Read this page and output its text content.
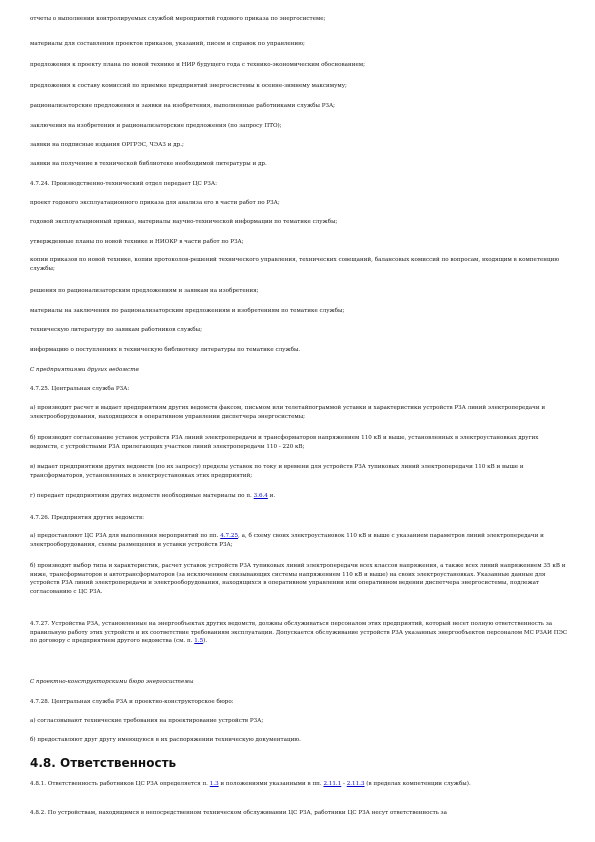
отчеты о выполнении контролируемых службой мероприятий годового приказа по энергосистеме;

материалы для составления проектов приказов, указаний, писем и справок по управлению;

предложения к проекту плана по новой технике и НИР будущего года с технико-экономическим обоснованием;

предложения к составу комиссий по приемке предприятий энергосистемы к осенне-зимнему максимуму;

рационализаторские предложения и заявки на изобретения, выполненные работниками службы РЗА;

заключения на изобретения и рационализаторские предложения (по запросу ПТО);

заявки на подписные издания ОРГРЭС, ЧЭАЗ и др.;

заявки на получение в технической библиотеке необходимой литературы и др.

4.7.24. Производственно-технический отдел передает ЦС РЗА:

проект годового эксплуатационного приказа для анализа его в части работ по РЗА;

годовой эксплуатационный приказ, материалы научно-технической информации по тематике службы;

утвержденные планы по новой технике и НИОКР в части работ по РЗА;

копии приказов по новой технике, копии протоколов-решений технического управления, технических совещаний, балансовых комиссий по вопросам, входящим в компетенцию службы;

решения по рационализаторским предложениям и заявкам на изобретения;

материалы на заключения по рационализаторским предложениям и изобретениям по тематике службы;

техническую литературу по заявкам работников службы;

информацию о поступлениях в техническую библиотеку литературы по тематике службы.

С предприятиями других ведомств

4.7.25. Центральная служба РЗА:

а) производит расчет и выдает предприятиям других ведомств факсом, письмом или телетайпограммой уставки и характеристики устройств РЗА линий электропередачи и электрооборудования, находящихся в оперативном управлении диспетчера энергосистемы;

б) производит согласование уставок устройств РЗА линий электропередачи и трансформаторов напряжением 110 кВ и выше, установленных в электроустановках других ведомств, с устройствами РЗА прилегающих участков линий электропередачи 110 - 220 кВ;

в) выдает предприятиям других ведомств (по их запросу) пределы уставок по току и времени для устройств РЗА тупиковых линий электропередачи 110 кВ и выше и трансформаторов, установленных в электроустановках этих предприятий;

г) передает предприятиям других ведомств необходимые материалы по п. 3.6.4 и.

4.7.26. Предприятия других ведомств:

а) предоставляют ЦС РЗА для выполнения мероприятий по пп. 4.7.25, а, б схему своих электроустановок 110 кВ и выше с указанием параметров линий электропередачи и электрооборудования, схемы размещения и уставки устройств РЗА;

б) производят выбор типа и характеристик, расчет уставок устройств РЗА тупиковых линий электропередачи всех классов напряжения, а также всех линий напряжением 35 кВ и ниже, трансформаторов и автотрансформаторов (за исключением связывающих системы напряжением 110 кВ и выше) на своих электроустановках. Указанные данные для устройств РЗА линий электропередачи и электрооборудования, находящихся в оперативном управлении или оперативном ведении диспетчера энергосистемы, подлежат согласованию с ЦС РЗА.

4.7.27. Устройства РЗА, установленные на энергообъектах других ведомств, должны обслуживаться персоналом этих предприятий, который несет полную ответственность за правильную работу этих устройств и их соответствие требованиям эксплуатации. Допускается обслуживание устройств РЗА указанных энергообъектов персоналом МС РЗАИ ПЭС по договору с предприятием другого ведомства (см. п. 1.5).

С проектно-конструкторскими бюро энергосистемы

4.7.28. Центральная служба РЗА и проектно-конструкторское бюро:

а) согласовывают технические требования на проектирование устройств РЗА;

б) предоставляют друг другу имеющуюся в их распоряжении техническую документацию.

4.8. Ответственность

4.8.1. Ответственность работников ЦС РЗА определяется п. 1.3 и положениями указанными в пп. 2.11.1 - 2.11.3 (в пределах компетенции службы).

4.8.2. По устройствам, находящимся в непосредственном техническом обслуживании ЦС РЗА, работники ЦС РЗА несут ответственность за
